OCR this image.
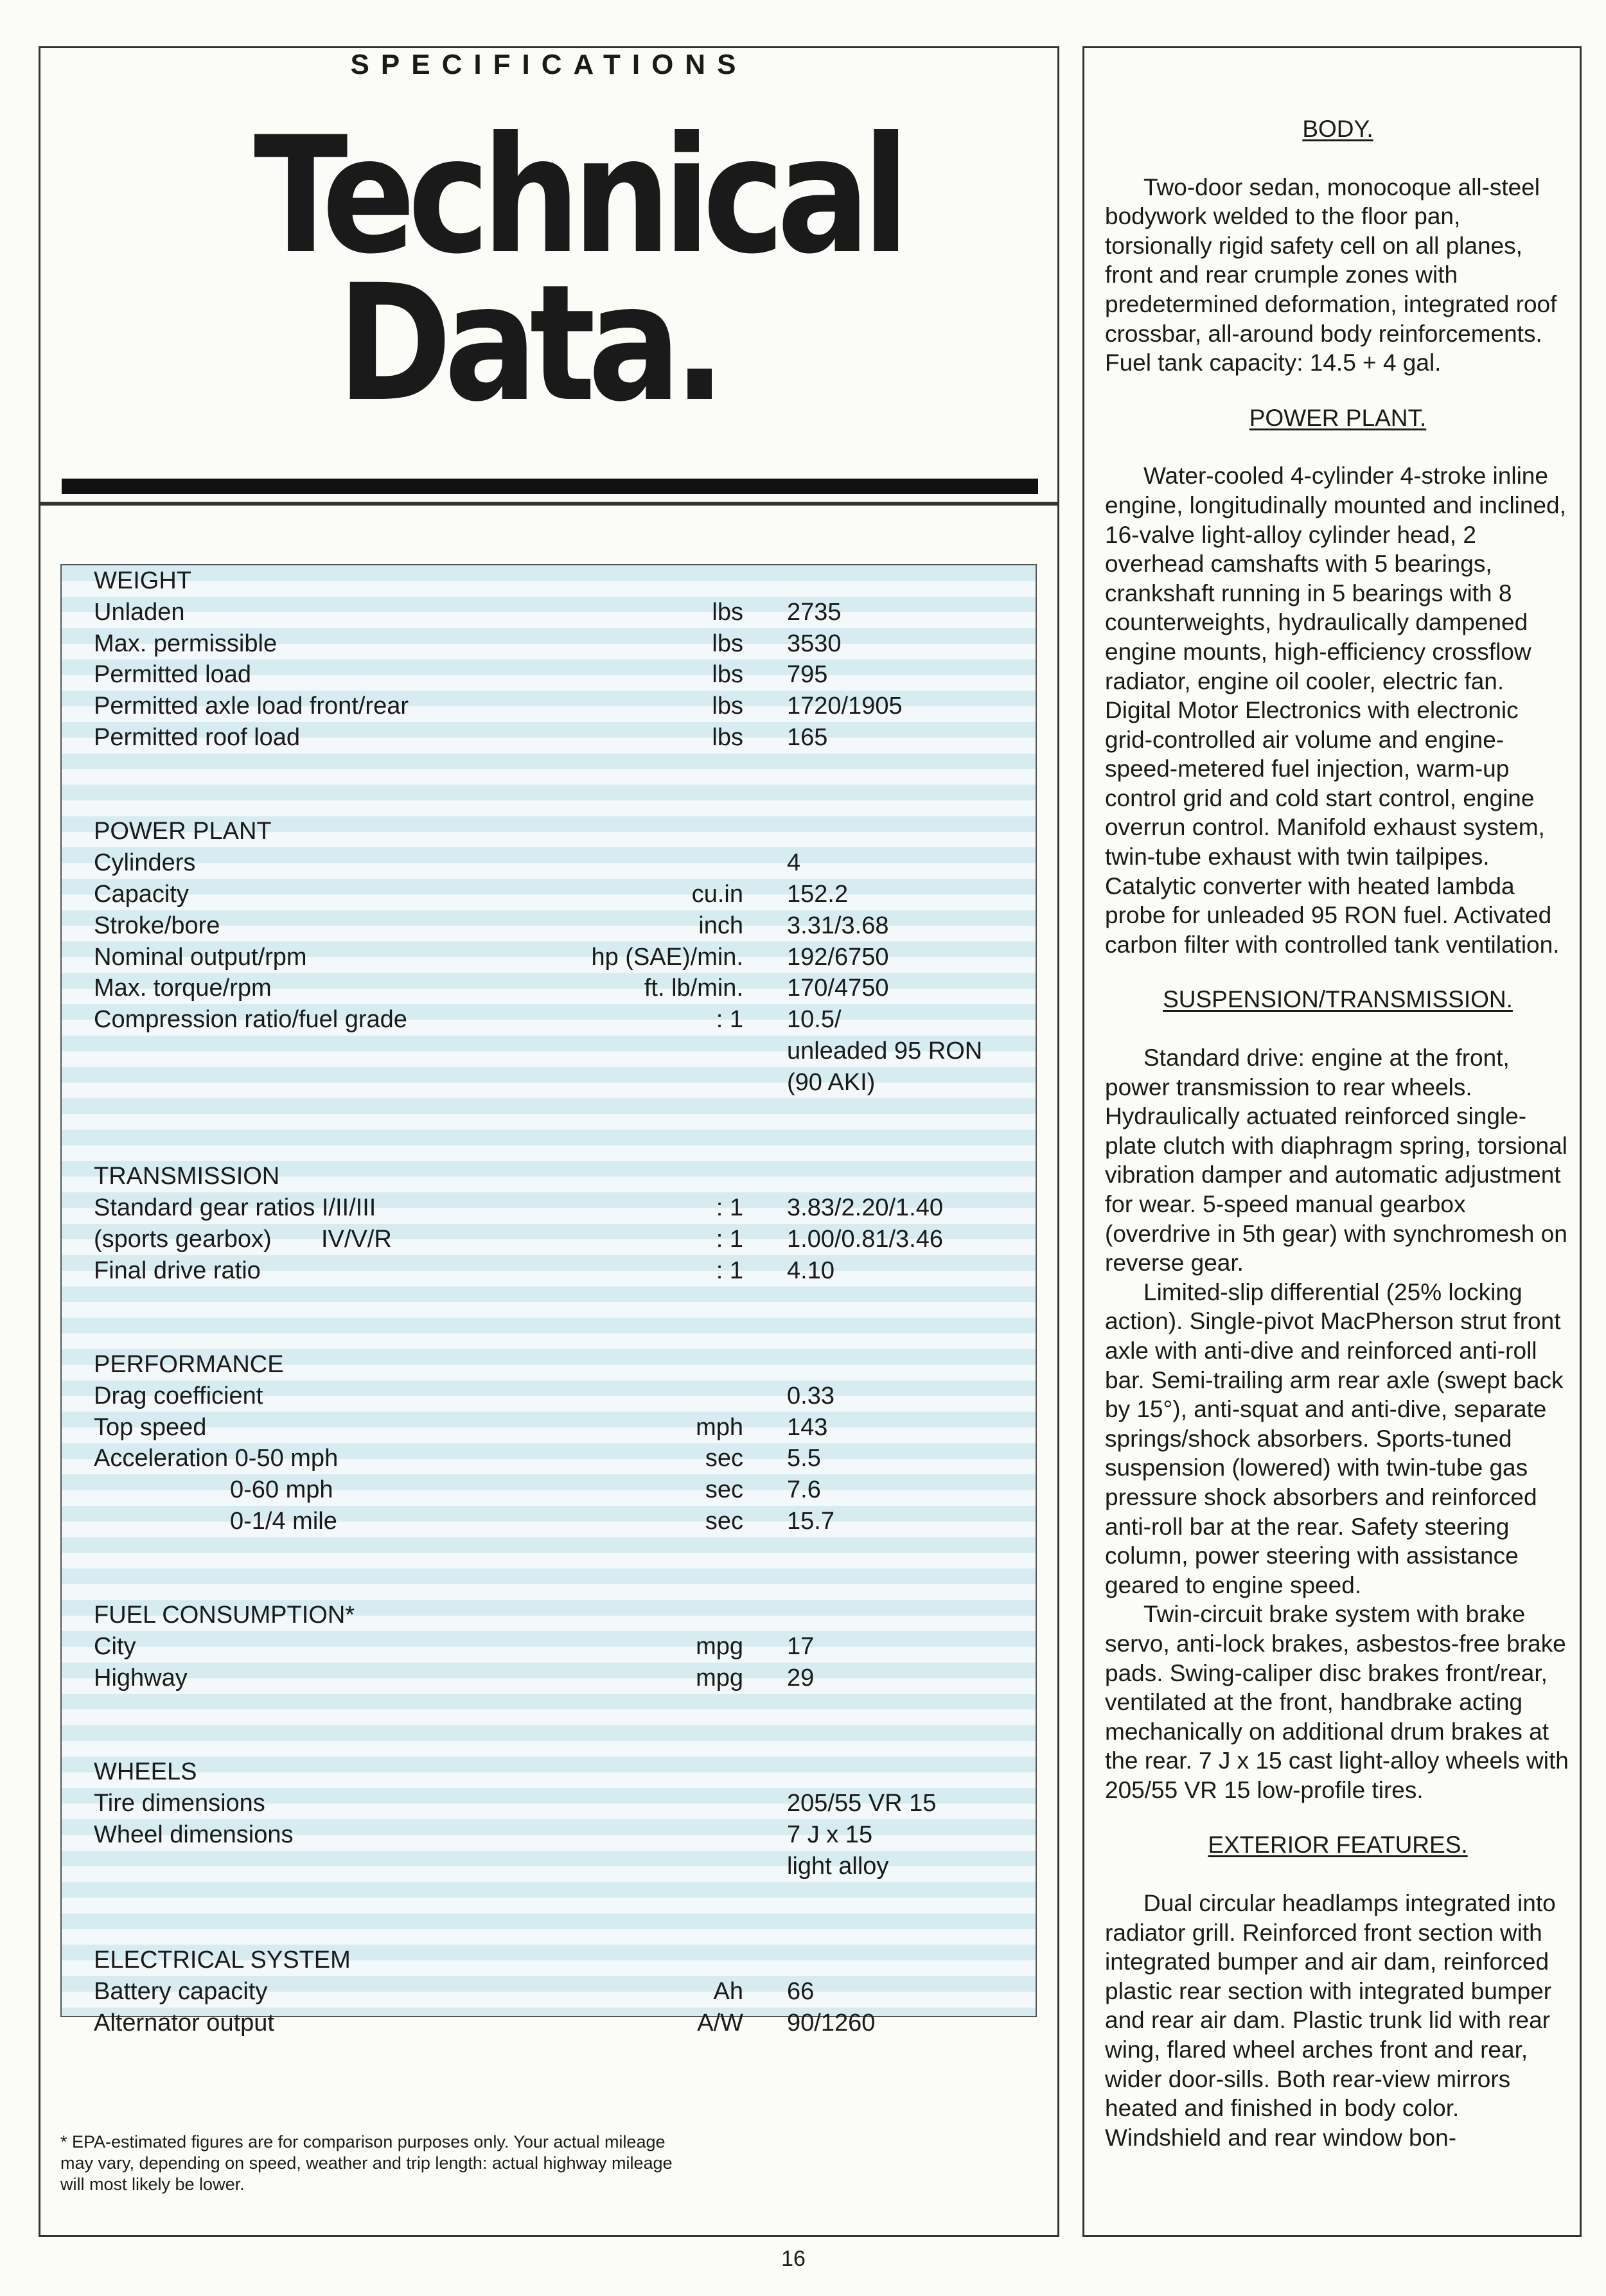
SPECIFICATIONS
Technical
Data.
WEIGHT
Unladen	lbs 2735
Max. permissible	lbs 3530
Permitted load	lbs 795
Permitted axle load front/rear	lbs 1720/1905
Permitted roof load	lbs 165
POWER PLANT
Cylinders	4
Capacity	cu.in 152.2
Stroke/bore	inch 3.31/3.68
Nominal output/rpm	hp (SAE)/min. 192/6750
Max. torque/rpm	ft. lb/min. 170/4750
Compression ratio/fuel grade	: 1 10.5/
unleaded 95 RON
(90 AKI)
TRANSMISSION
Standard gear ratios I/II/III	: 1 3.83/2.20/1.40
(sports gearbox) IV/V/R	: 1 1.00/0.81/3.46
Final drive ratio	: 1 4.10
PERFORMANCE
Drag coefficient	0.33
Top speed	mph 143
Acceleration 0-50 mph	sec 5.5
0-60 mph	sec 7.6
0-1/4 mile	sec 15.7
FUEL CONSUMPTION*
City	mpg 17
Highway	mpg 29
WHEELS
Tire dimensions	205/55 VR 15
Wheel dimensions	7 J x 15
light alloy
ELECTRICAL SYSTEM
Battery capacity	Ah 66
Alternator output	A/W 90/1260
* EPA-estimated figures are for comparison purposes only. Your actual mileage may vary, depending on speed, weather and trip length: actual highway mileage will most likely be lower.
16
BODY.

Two-door sedan, monocoque all-steel bodywork welded to the floor pan, torsionally rigid safety cell on all planes, front and rear crumple zones with predetermined deformation, integrated roof crossbar, all-around body reinforcements. Fuel tank capacity: 14.5 + 4 gal.

POWER PLANT.

Water-cooled 4-cylinder 4-stroke inline engine, longitudinally mounted and inclined, 16-valve light-alloy cylinder head, 2 overhead camshafts with 5 bearings, crankshaft running in 5 bearings with 8 counterweights, hydraulically dampened engine mounts, high-efficiency crossflow radiator, engine oil cooler, electric fan. Digital Motor Electronics with electronic grid-controlled air volume and engine-speed-metered fuel injection, warm-up control grid and cold start control, engine overrun control. Manifold exhaust system, twin-tube exhaust with twin tailpipes. Catalytic converter with heated lambda probe for unleaded 95 RON fuel. Activated carbon filter with controlled tank ventilation.

SUSPENSION/TRANSMISSION.

Standard drive: engine at the front, power transmission to rear wheels. Hydraulically actuated reinforced single-plate clutch with diaphragm spring, torsional vibration damper and automatic adjustment for wear. 5-speed manual gearbox (overdrive in 5th gear) with synchromesh on reverse gear.

Limited-slip differential (25% locking action). Single-pivot MacPherson strut front axle with anti-dive and reinforced anti-roll bar. Semi-trailing arm rear axle (swept back by 15°), anti-squat and anti-dive, separate springs/shock absorbers. Sports-tuned suspension (lowered) with twin-tube gas pressure shock absorbers and reinforced anti-roll bar at the rear. Safety steering column, power steering with assistance geared to engine speed.

Twin-circuit brake system with brake servo, anti-lock brakes, asbestos-free brake pads. Swing-caliper disc brakes front/rear, ventilated at the front, handbrake acting mechanically on additional drum brakes at the rear. 7 J x 15 cast light-alloy wheels with 205/55 VR 15 low-profile tires.

EXTERIOR FEATURES.

Dual circular headlamps integrated into radiator grill. Reinforced front section with integrated bumper and air dam, reinforced plastic rear section with integrated bumper and rear air dam. Plastic trunk lid with rear wing, flared wheel arches front and rear, wider door-sills. Both rear-view mirrors heated and finished in body color. Windshield and rear window bon-
